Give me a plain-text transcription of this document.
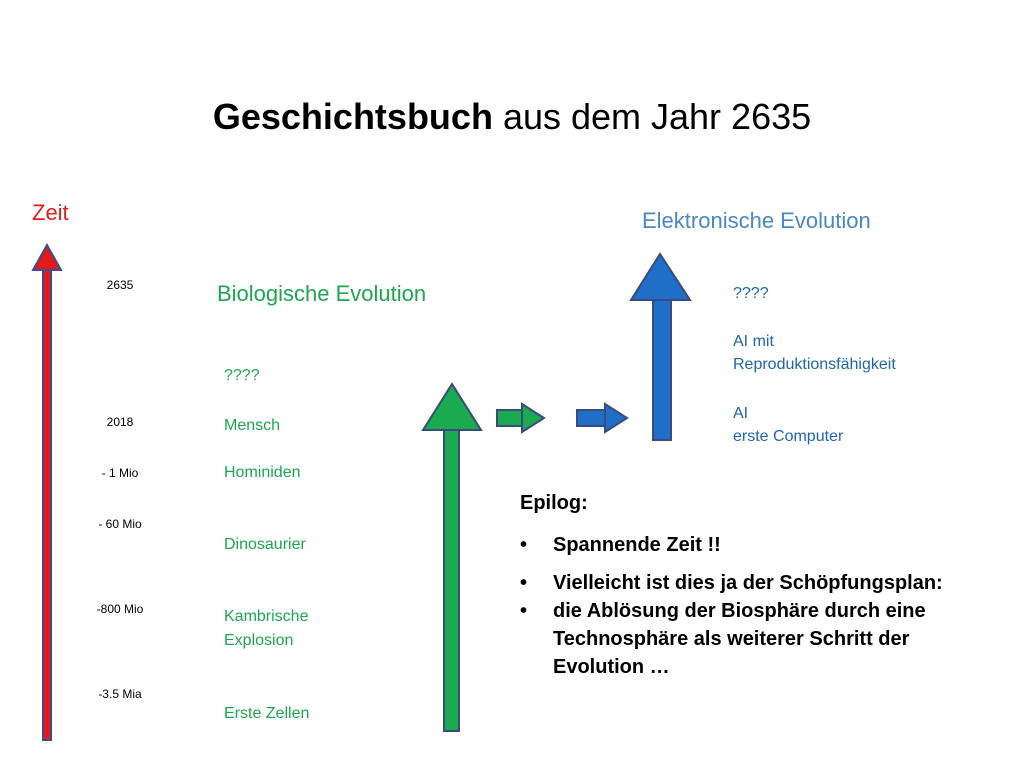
Geschichtsbuch aus dem Jahr 2635
Zeit
2635
2018
- 1 Mio
- 60 Mio
-800 Mio
-3.5 Mia
Biologische Evolution
????
Mensch
Hominiden
Dinosaurier
Kambrische
Explosion
Erste Zellen
Elektronische Evolution
????
AI mit
Reproduktionsfähigkeit
AI
erste Computer
Epilog:
• Spannende Zeit !!
• Vielleicht ist dies ja der Schöpfungsplan:
• die Ablösung der Biosphäre durch eine Technosphäre als weiterer Schritt der Evolution …
